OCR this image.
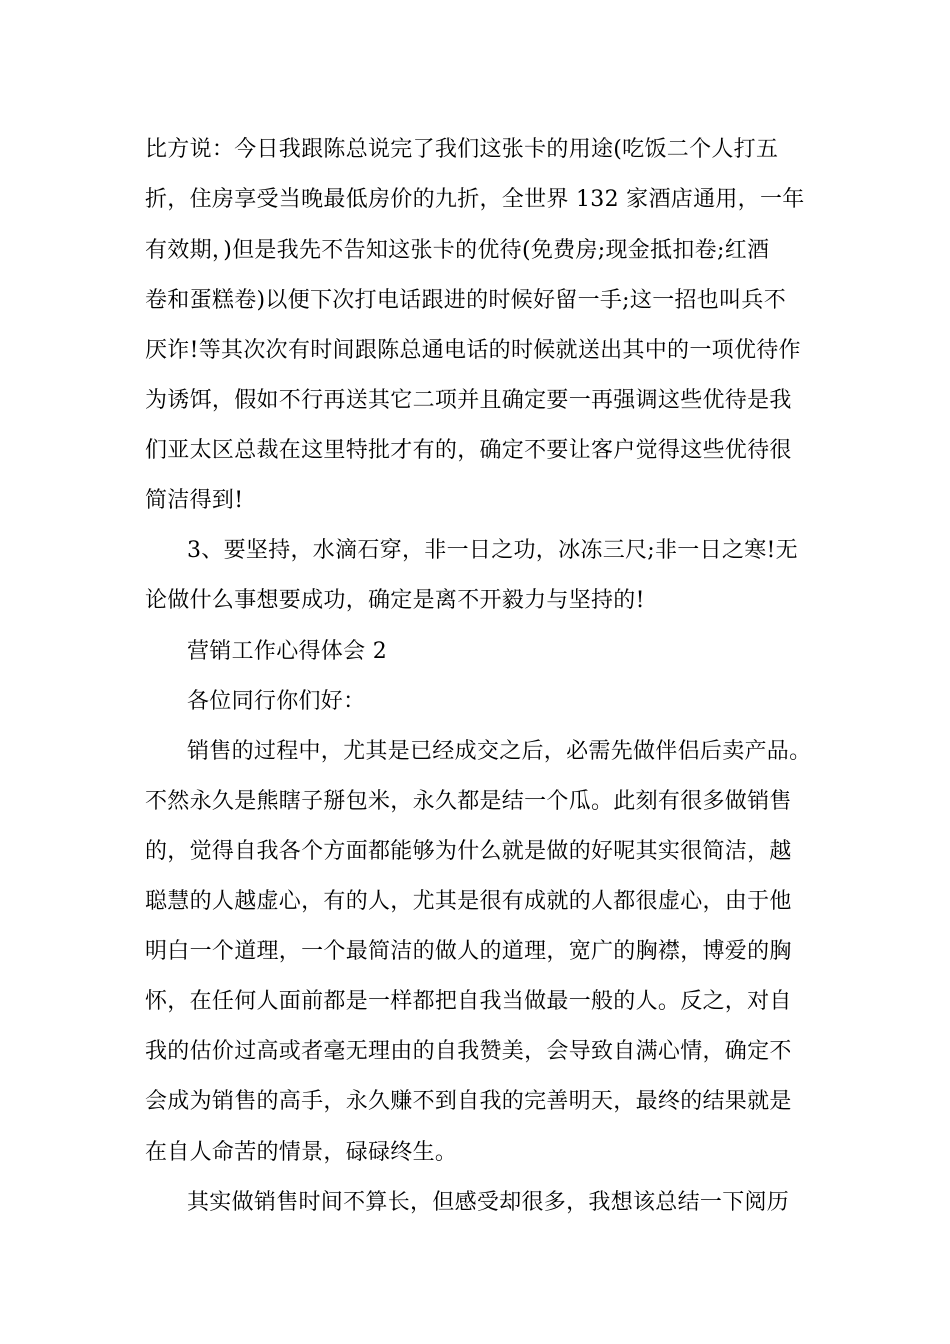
比方说：今日我跟陈总说完了我们这张卡的用途(吃饭二个人打五
折，住房享受当晚最低房价的九折，全世界 132 家酒店通用，一年
有效期，)但是我先不告知这张卡的优待(免费房;现金抵扣卷;红酒
卷和蛋糕卷)以便下次打电话跟进的时候好留一手;这一招也叫兵不
厌诈!等其次次有时间跟陈总通电话的时候就送出其中的一项优待作
为诱饵，假如不行再送其它二项并且确定要一再强调这些优待是我
们亚太区总裁在这里特批才有的，确定不要让客户觉得这些优待很
简洁得到!
3、要坚持，水滴石穿，非一日之功，冰冻三尺;非一日之寒!无
论做什么事想要成功，确定是离不开毅力与坚持的!
营销工作心得体会 2
各位同行你们好：
销售的过程中，尤其是已经成交之后，必需先做伴侣后卖产品。
不然永久是熊瞎子掰包米，永久都是结一个瓜。此刻有很多做销售
的，觉得自我各个方面都能够为什么就是做的好呢其实很简洁，越
聪慧的人越虚心，有的人，尤其是很有成就的人都很虚心，由于他
明白一个道理，一个最简洁的做人的道理，宽广的胸襟，博爱的胸
怀，在任何人面前都是一样都把自我当做最一般的人。反之，对自
我的估价过高或者毫无理由的自我赞美，会导致自满心情，确定不
会成为销售的高手，永久赚不到自我的完善明天，最终的结果就是
在自人命苦的情景，碌碌终生。
其实做销售时间不算长，但感受却很多，我想该总结一下阅历
